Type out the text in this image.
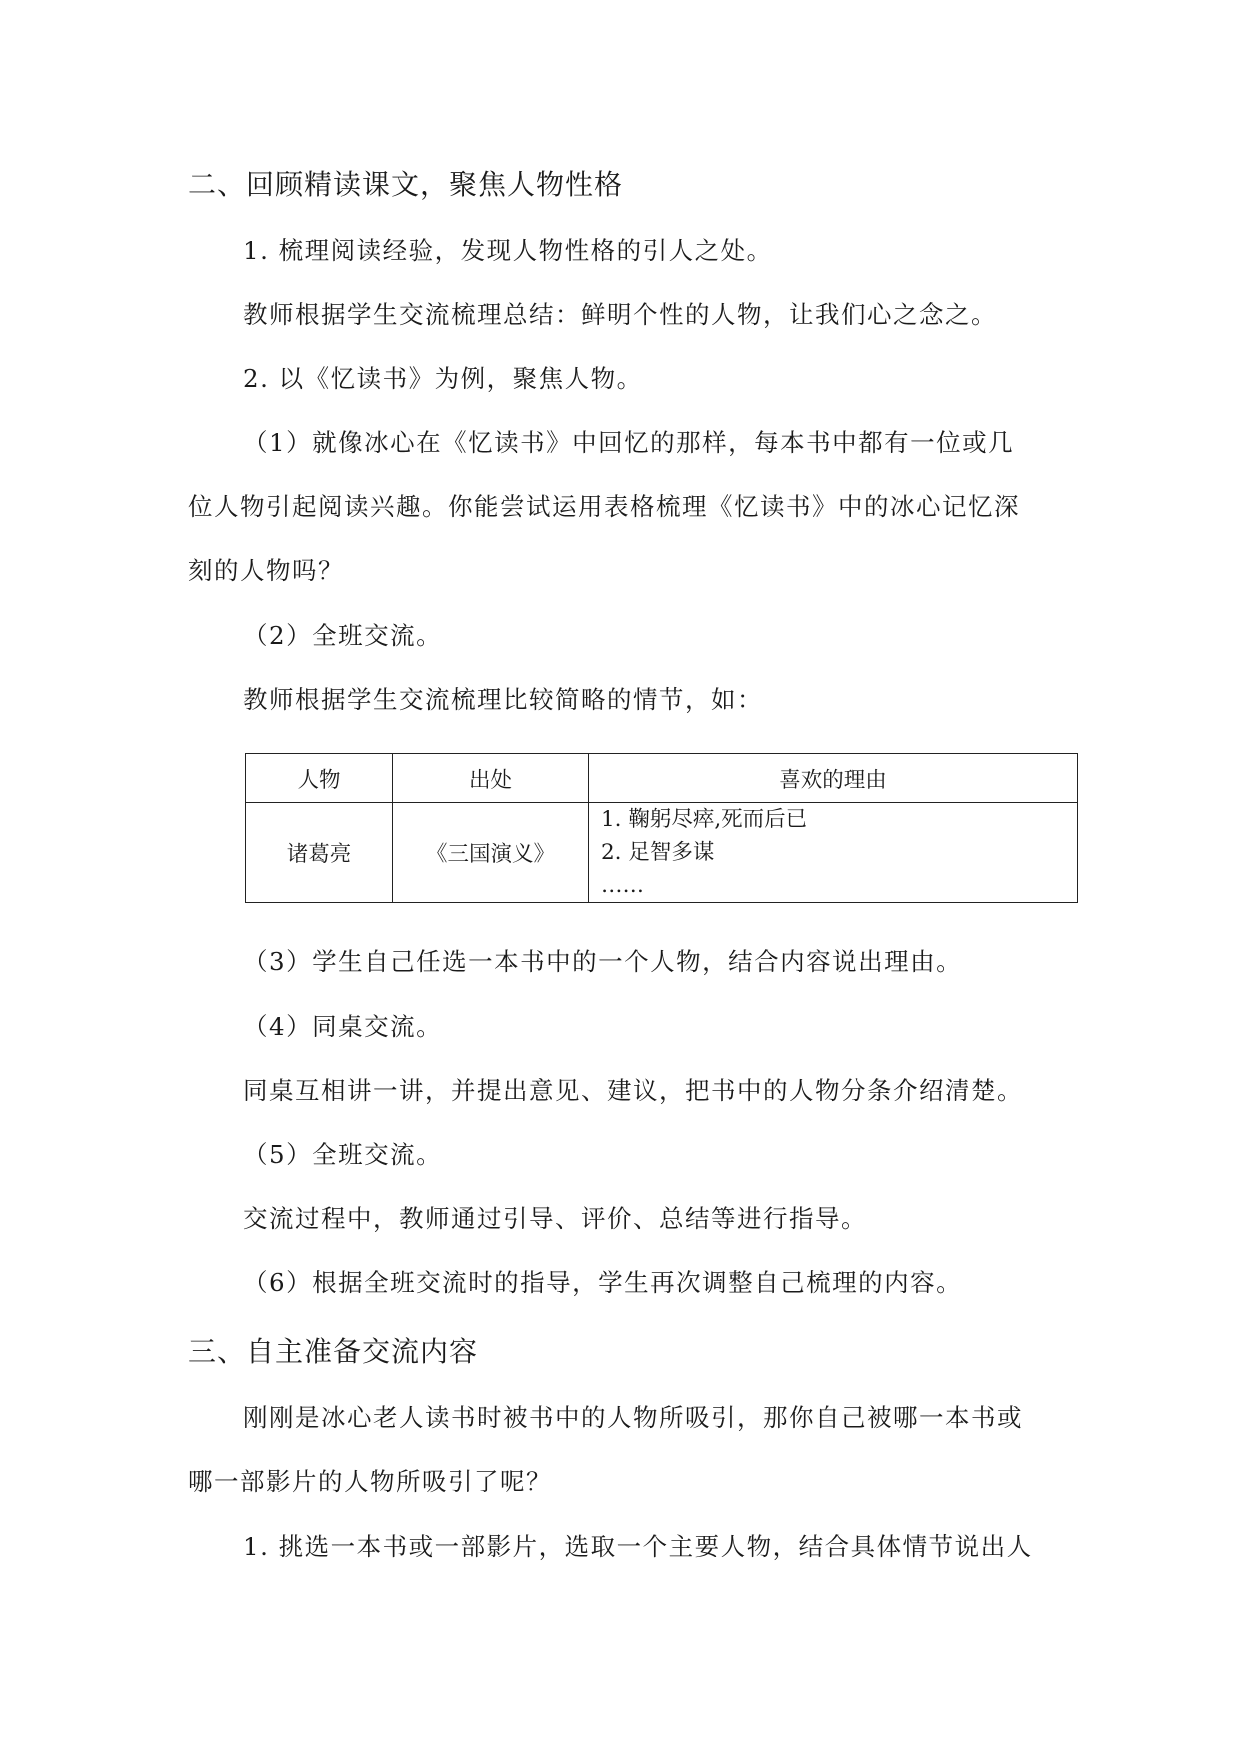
二、回顾精读课文，聚焦人物性格
1. 梳理阅读经验，发现人物性格的引人之处。
教师根据学生交流梳理总结：鲜明个性的人物，让我们心之念之。
2. 以《忆读书》为例，聚焦人物。
（1）就像冰心在《忆读书》中回忆的那样，每本书中都有一位或几
位人物引起阅读兴趣。你能尝试运用表格梳理《忆读书》中的冰心记忆深
刻的人物吗？
（2）全班交流。
教师根据学生交流梳理比较简略的情节，如：
人物	出处	喜欢的理由
诸葛亮	《三国演义》	1. 鞠躬尽瘁,死而后已
2. 足智多谋
……
（3）学生自己任选一本书中的一个人物，结合内容说出理由。
（4）同桌交流。
同桌互相讲一讲，并提出意见、建议，把书中的人物分条介绍清楚。
（5）全班交流。
交流过程中，教师通过引导、评价、总结等进行指导。
（6）根据全班交流时的指导，学生再次调整自己梳理的内容。
三、自主准备交流内容
刚刚是冰心老人读书时被书中的人物所吸引，那你自己被哪一本书或
哪一部影片的人物所吸引了呢？
1. 挑选一本书或一部影片，选取一个主要人物，结合具体情节说出人
